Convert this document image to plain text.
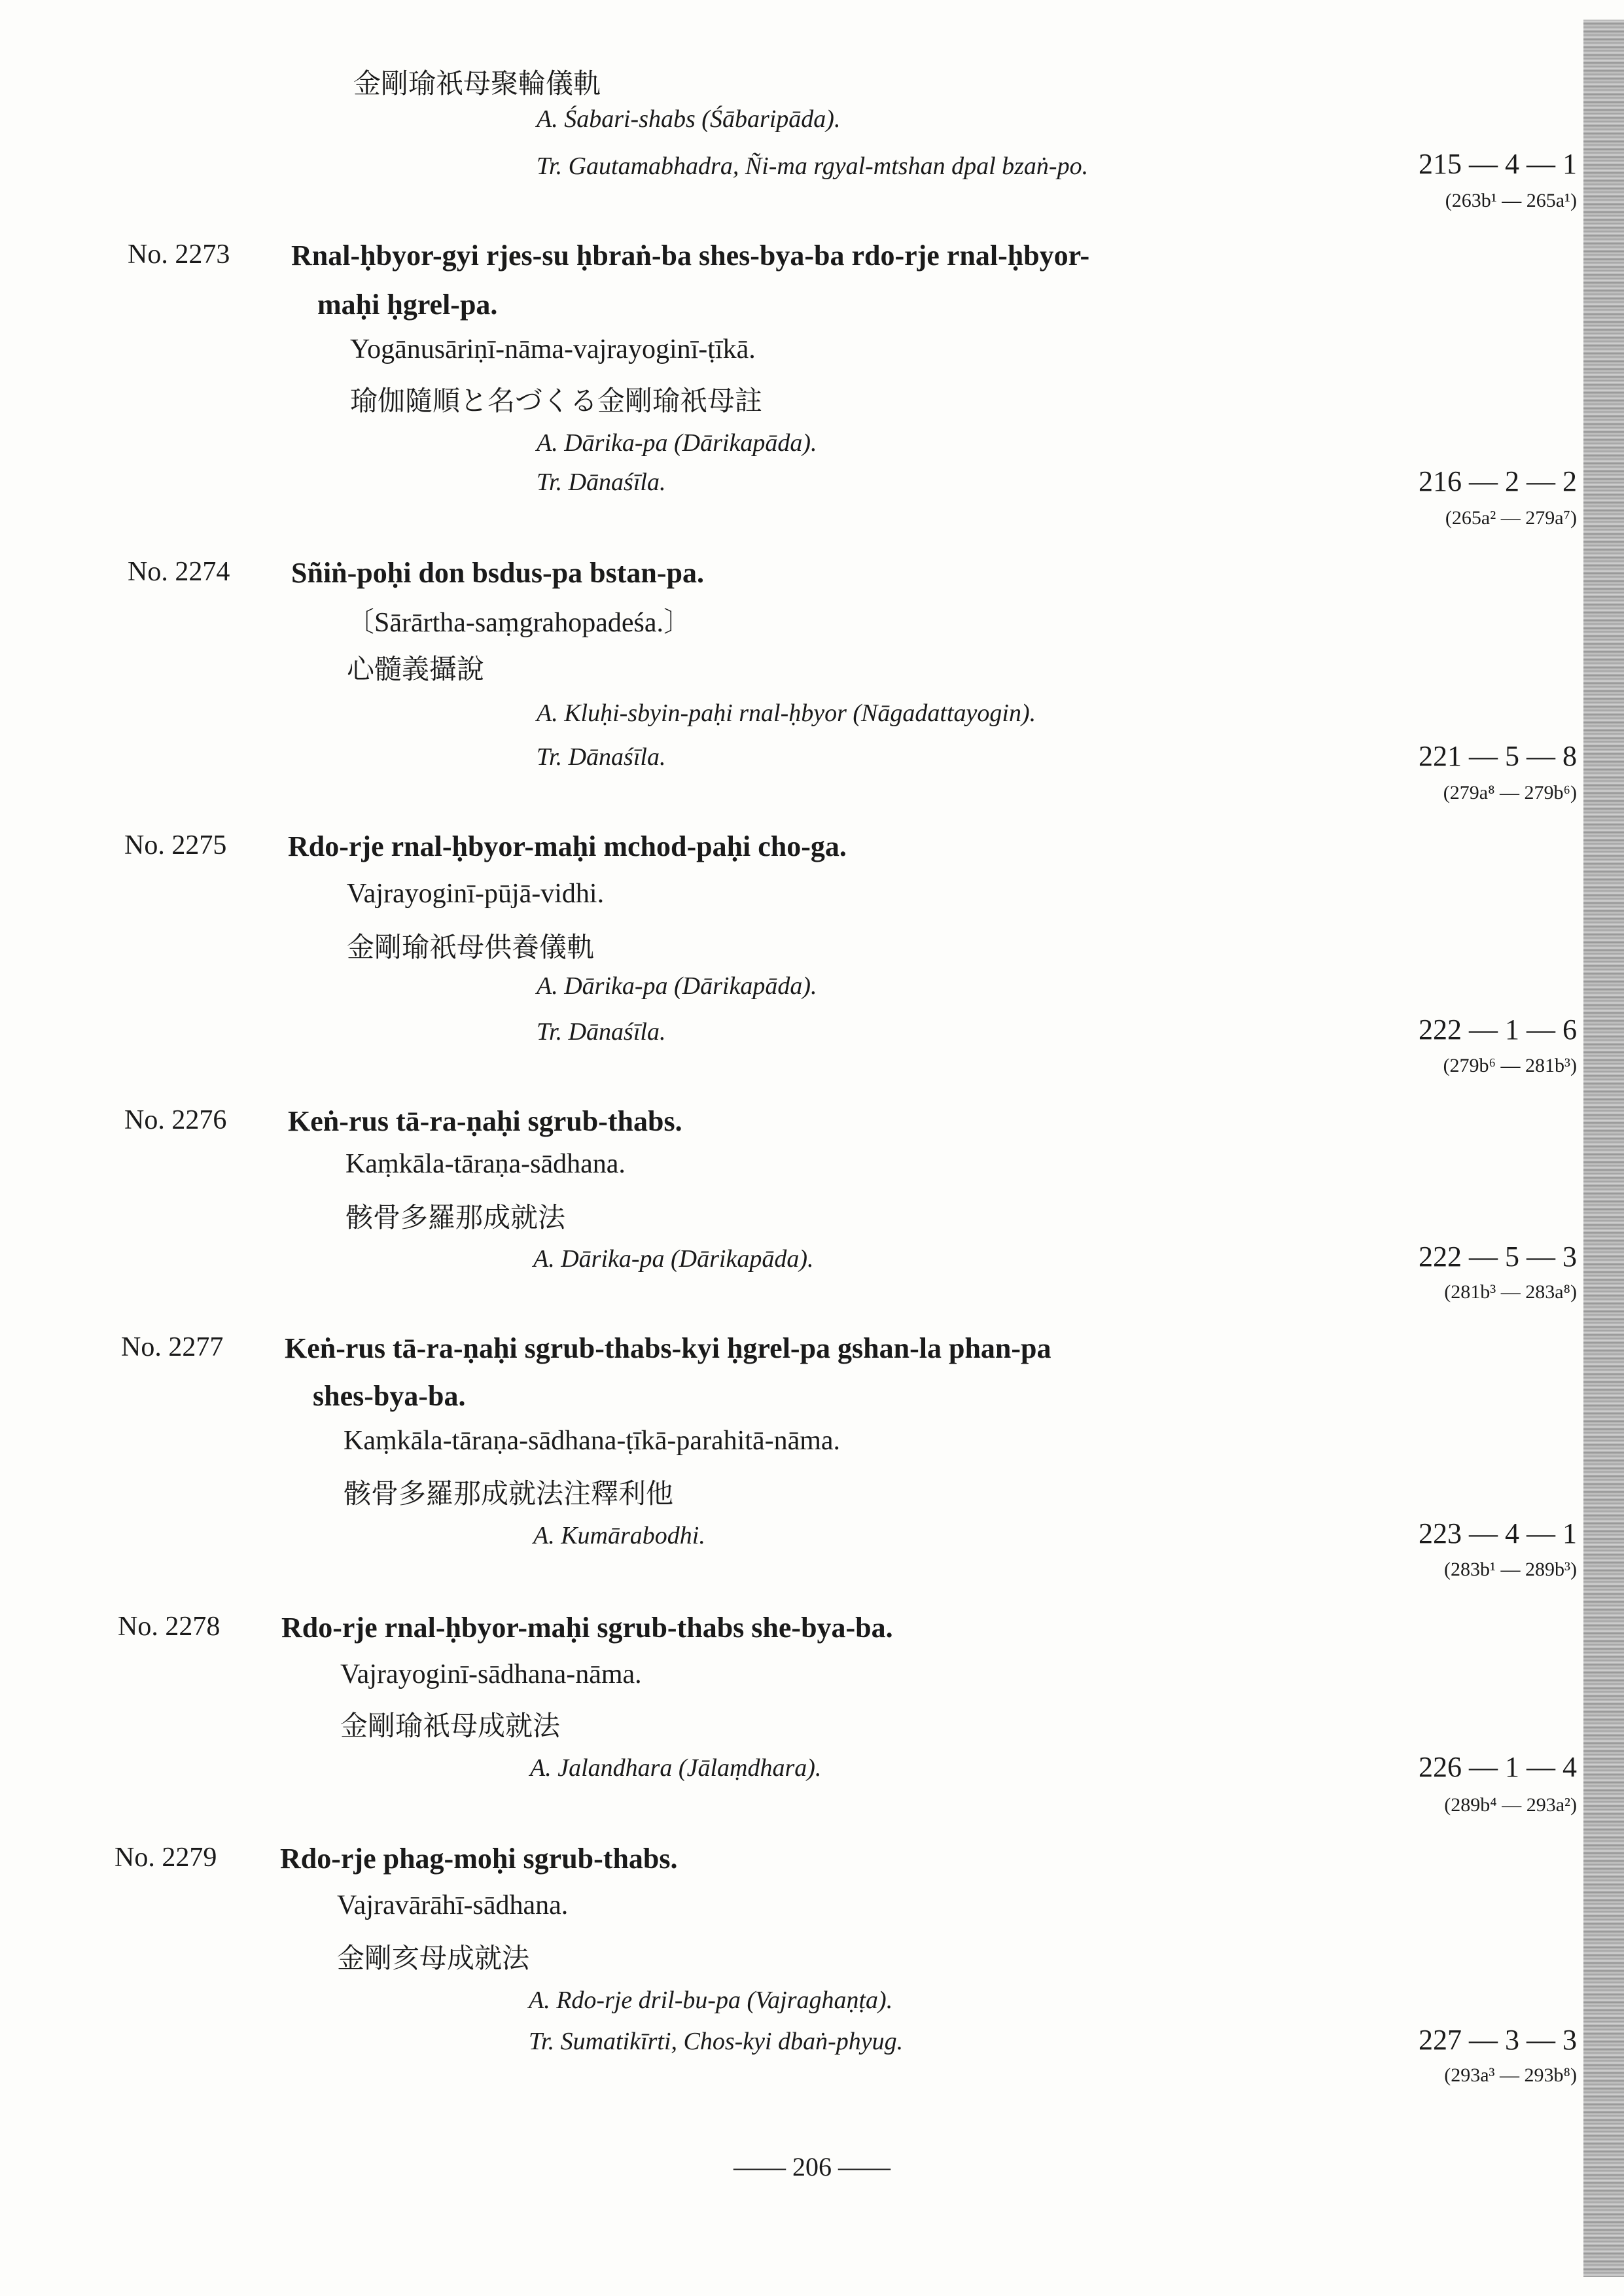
金剛瑜祇母聚輪儀軌
A. Śabari-shabs (Śābaripāda).
Tr. Gautamabhadra, Ñi-ma rgyal-mtshan dpal bzaṅ-po.	215 — 4 — 1
(263b¹ — 265a¹)
No. 2273 Rnal-ḥbyor-gyi rjes-su ḥbraṅ-ba shes-bya-ba rdo-rje rnal-ḥbyor-
maḥi ḥgrel-pa.
Yogānusāriṇī-nāma-vajrayoginī-ṭīkā.
瑜伽隨順と名づくる金剛瑜祇母註
A. Dārika-pa (Dārikapāda).
Tr. Dānaśīla.	216 — 2 — 2
(265a² — 279a⁷)
No. 2274 Sñiṅ-poḥi don bsdus-pa bstan-pa.
〔Sārārtha-saṃgrahopadeśa.〕
心髓義攝說
A. Kluḥi-sbyin-paḥi rnal-ḥbyor (Nāgadattayogin).
Tr. Dānaśīla.	221 — 5 — 8
(279a⁸ — 279b⁶)
No. 2275 Rdo-rje rnal-ḥbyor-maḥi mchod-paḥi cho-ga.
Vajrayoginī-pūjā-vidhi.
金剛瑜祇母供養儀軌
A. Dārika-pa (Dārikapāda).
Tr. Dānaśīla.	222 — 1 — 6
(279b⁶ — 281b³)
No. 2276 Keṅ-rus tā-ra-ṇaḥi sgrub-thabs.
Kaṃkāla-tāraṇa-sādhana.
骸骨多羅那成就法
A. Dārika-pa (Dārikapāda).	222 — 5 — 3
(281b³ — 283a⁸)
No. 2277 Keṅ-rus tā-ra-ṇaḥi sgrub-thabs-kyi ḥgrel-pa gshan-la phan-pa
shes-bya-ba.
Kaṃkāla-tāraṇa-sādhana-ṭīkā-parahitā-nāma.
骸骨多羅那成就法注釋利他
A. Kumārabodhi.	223 — 4 — 1
(283b¹ — 289b³)
No. 2278 Rdo-rje rnal-ḥbyor-maḥi sgrub-thabs she-bya-ba.
Vajrayoginī-sādhana-nāma.
金剛瑜祇母成就法
A. Jalandhara (Jālaṃdhara).	226 — 1 — 4
(289b⁴ — 293a²)
No. 2279 Rdo-rje phag-moḥi sgrub-thabs.
Vajravārāhī-sādhana.
金剛亥母成就法
A. Rdo-rje dril-bu-pa (Vajraghaṇṭa).
Tr. Sumatikīrti, Chos-kyi dbaṅ-phyug.	227 — 3 — 3
(293a³ — 293b⁸)
—— 206 ——
